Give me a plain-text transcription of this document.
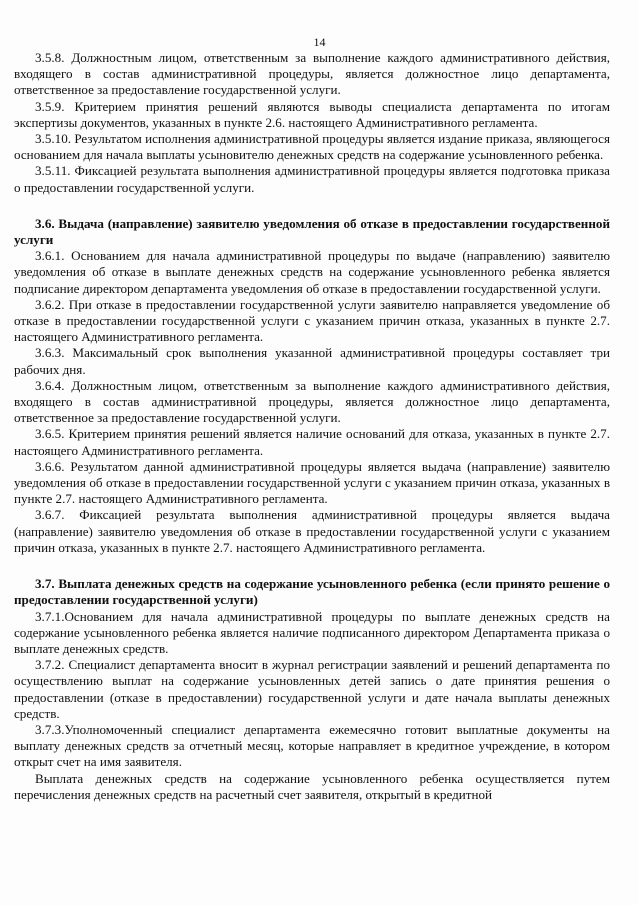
14

3.5.8. Должностным лицом, ответственным за выполнение каждого административного действия, входящего в состав административной процедуры, является должностное лицо департамента, ответственное за предоставление государственной услуги.

3.5.9. Критерием принятия решений являются выводы специалиста департамента по итогам экспертизы документов, указанных в пункте 2.6. настоящего Административного регламента.

3.5.10. Результатом исполнения административной процедуры является издание приказа, являющегося основанием для начала выплаты усыновителю денежных средств на содержание усыновленного ребенка.

3.5.11. Фиксацией результата выполнения административной процедуры является подготовка приказа о предоставлении государственной услуги.

3.6. Выдача (направление) заявителю уведомления об отказе в предоставлении государственной услуги

3.6.1. Основанием для начала административной процедуры по выдаче (направлению) заявителю уведомления об отказе в выплате денежных средств на содержание усыновленного ребенка является подписание директором департамента уведомления об отказе в предоставлении государственной услуги.

3.6.2. При отказе в предоставлении государственной услуги заявителю направляется уведомление об отказе в предоставлении государственной услуги с указанием причин отказа, указанных в пункте 2.7. настоящего Административного регламента.

3.6.3. Максимальный срок выполнения указанной административной процедуры составляет три рабочих дня.

3.6.4. Должностным лицом, ответственным за выполнение каждого административного действия, входящего в состав административной процедуры, является должностное лицо департамента, ответственное за предоставление государственной услуги.

3.6.5. Критерием принятия решений является наличие оснований для отказа, указанных в пункте 2.7. настоящего Административного регламента.

3.6.6. Результатом данной административной процедуры является выдача (направление) заявителю уведомления об отказе в предоставлении государственной услуги с указанием причин отказа, указанных в пункте 2.7. настоящего Административного регламента.

3.6.7. Фиксацией результата выполнения административной процедуры является выдача (направление) заявителю уведомления об отказе в предоставлении государственной услуги с указанием причин отказа, указанных в пункте 2.7. настоящего Административного регламента.

3.7. Выплата денежных средств на содержание усыновленного ребенка (если принято решение о предоставлении государственной услуги)

3.7.1.Основанием для начала административной процедуры по выплате денежных средств на содержание усыновленного ребенка является наличие подписанного директором Департамента приказа о выплате денежных средств.

3.7.2. Специалист департамента вносит в журнал регистрации заявлений и решений департамента по осуществлению выплат на содержание усыновленных детей запись о дате принятия решения о предоставлении (отказе в предоставлении) государственной услуги и дате начала выплаты денежных средств.

3.7.3.Уполномоченный специалист департамента ежемесячно готовит выплатные документы на выплату денежных средств за отчетный месяц, которые направляет в кредитное учреждение, в котором открыт счет на имя заявителя.

Выплата денежных средств на содержание усыновленного ребенка осуществляется путем перечисления денежных средств на расчетный счет заявителя, открытый в кредитной
